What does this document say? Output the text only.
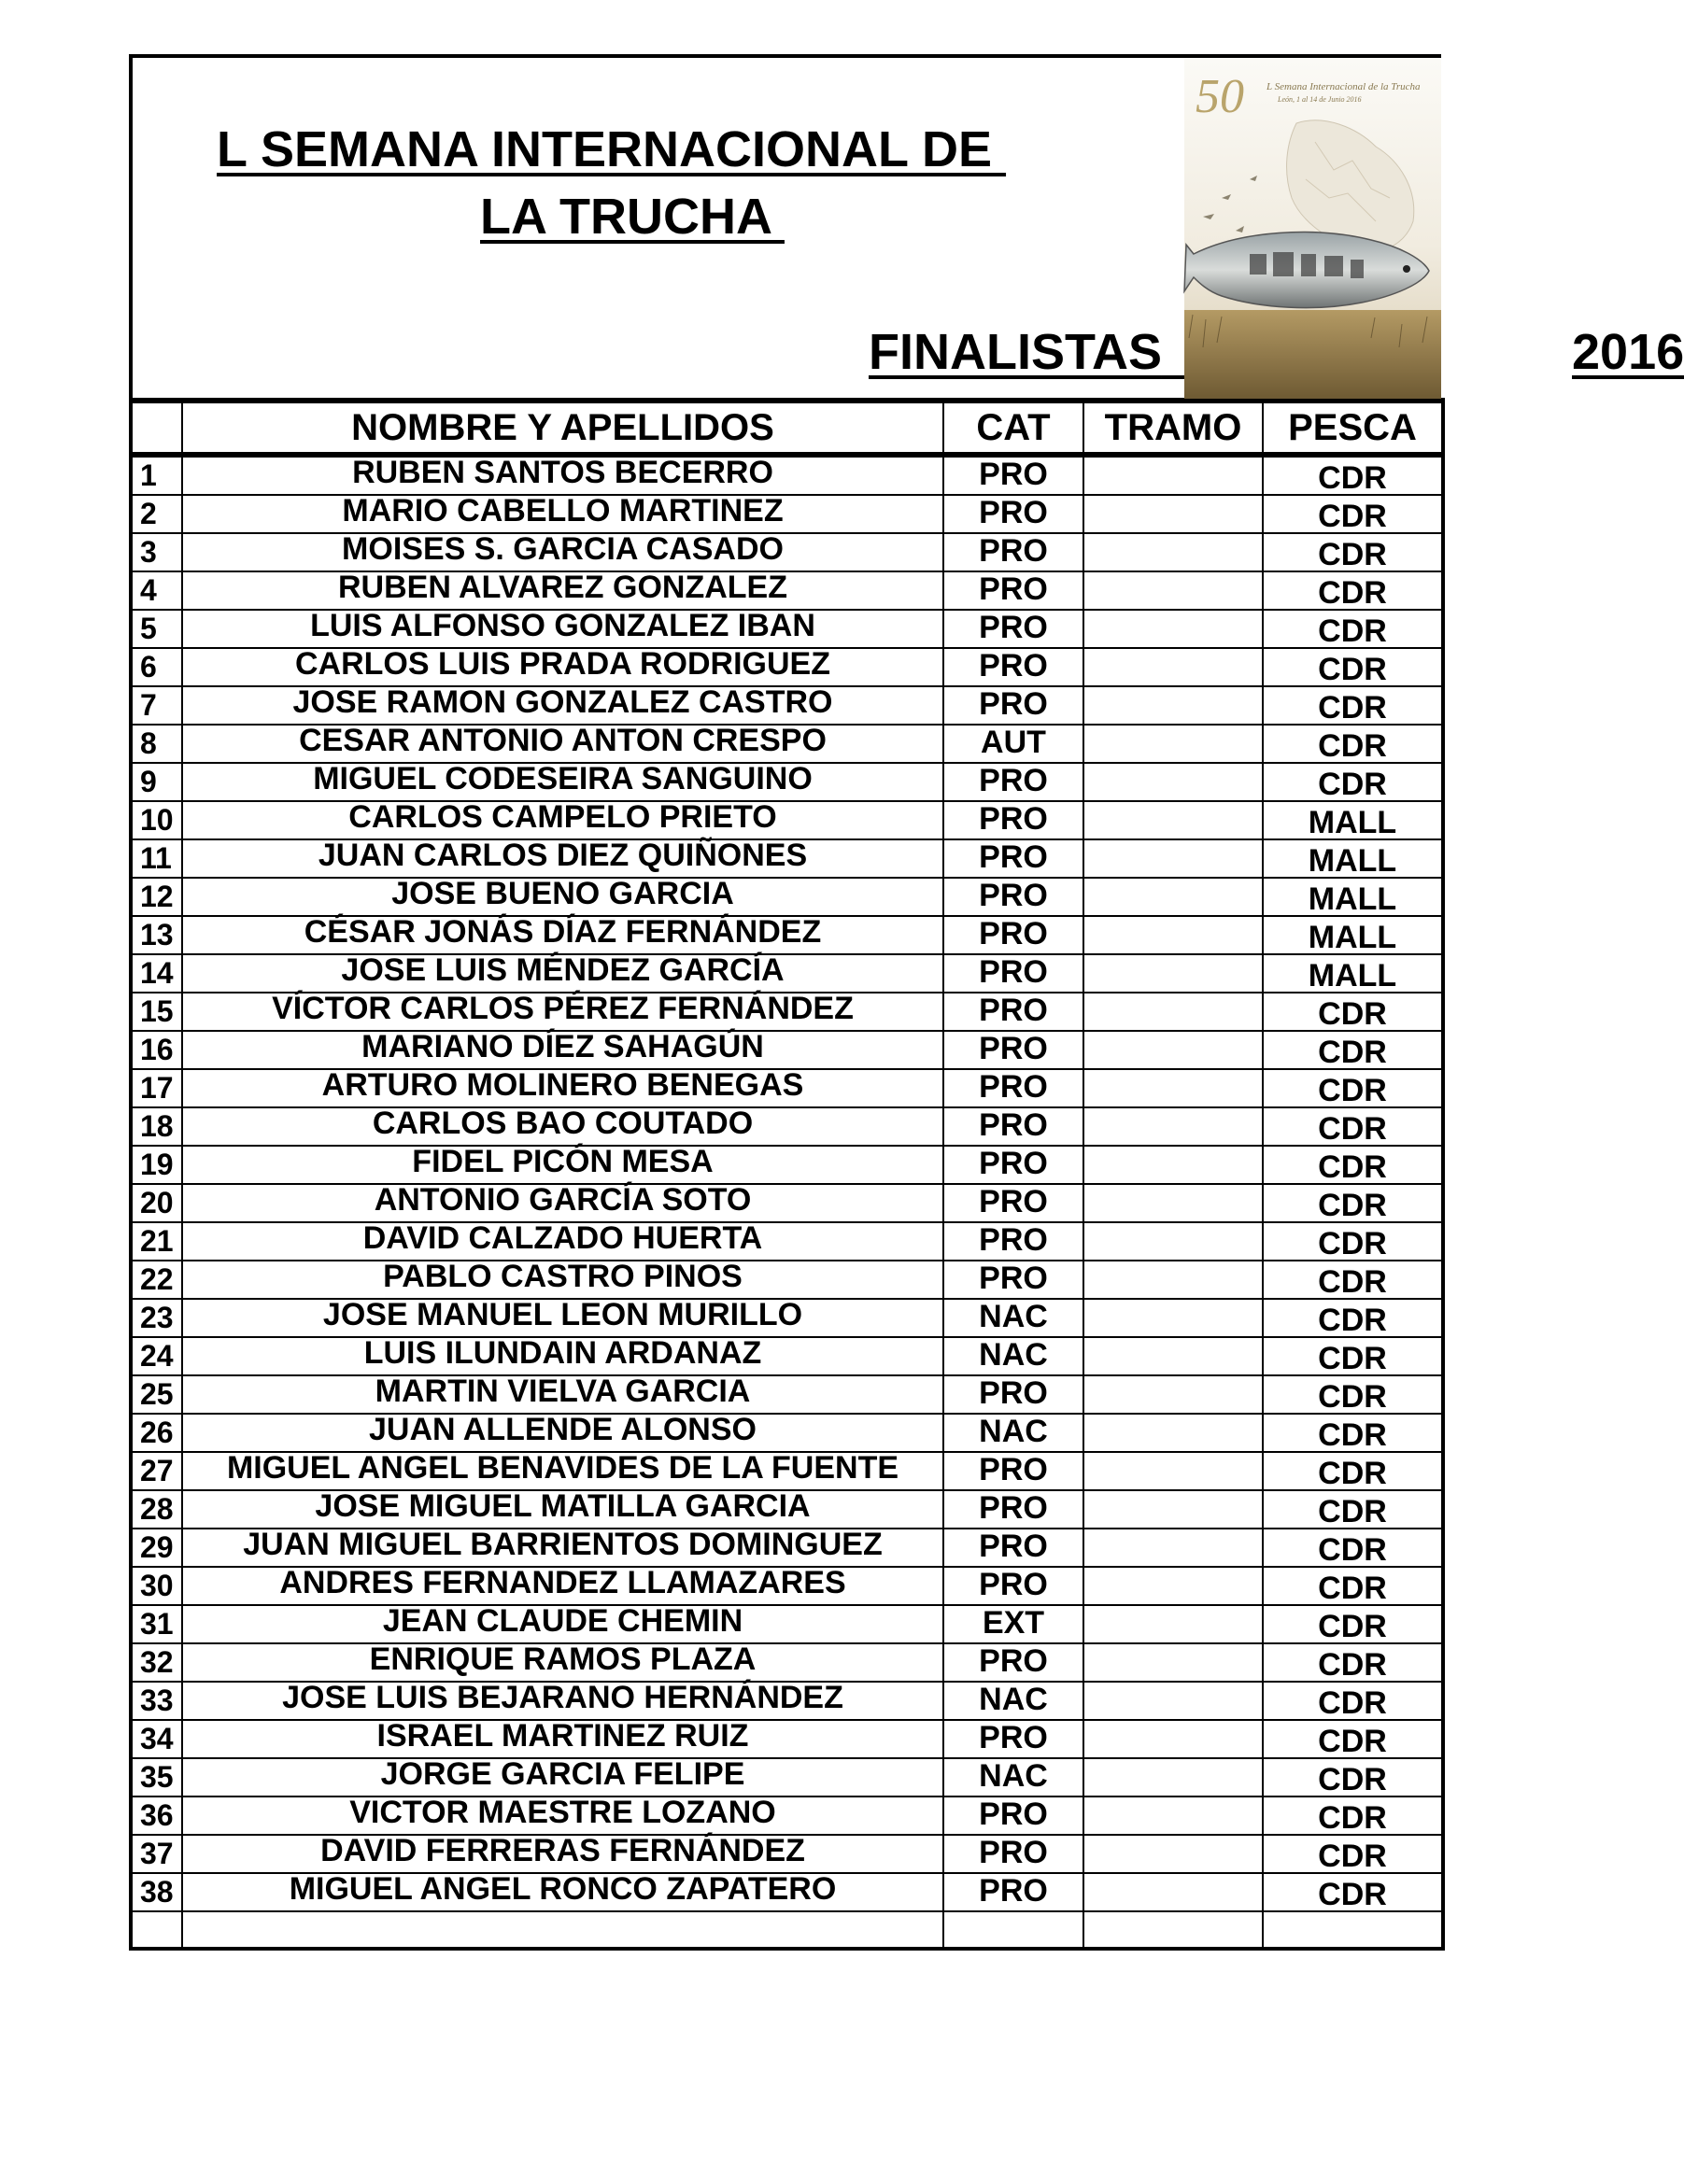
L SEMANA INTERNACIONAL DE
LA TRUCHA
FINALISTAS	2016
50 L Semana Internacional de la Trucha
León, 1 al 14 de Junio 2016
	NOMBRE Y APELLIDOS	CAT	TRAMO	PESCA
1	RUBEN SANTOS BECERRO	PRO		CDR
2	MARIO CABELLO MARTINEZ	PRO		CDR
3	MOISES S. GARCIA CASADO	PRO		CDR
4	RUBEN ALVAREZ GONZALEZ	PRO		CDR
5	LUIS ALFONSO GONZALEZ IBAN	PRO		CDR
6	CARLOS LUIS PRADA RODRIGUEZ	PRO		CDR
7	JOSE RAMON GONZALEZ CASTRO	PRO		CDR
8	CESAR ANTONIO ANTON CRESPO	AUT		CDR
9	MIGUEL CODESEIRA SANGUINO	PRO		CDR
10	CARLOS CAMPELO PRIETO	PRO		MALL
11	JUAN CARLOS DIEZ QUIÑONES	PRO		MALL
12	JOSE BUENO GARCIA	PRO		MALL
13	CÉSAR JONÁS DÍAZ FERNÁNDEZ	PRO		MALL
14	JOSE LUIS MÉNDEZ GARCÍA	PRO		MALL
15	VÍCTOR CARLOS PÉREZ FERNÁNDEZ	PRO		CDR
16	MARIANO DÍEZ SAHAGÚN	PRO		CDR
17	ARTURO MOLINERO BENEGAS	PRO		CDR
18	CARLOS BAO COUTADO	PRO		CDR
19	FIDEL PICÓN MESA	PRO		CDR
20	ANTONIO GARCÍA SOTO	PRO		CDR
21	DAVID CALZADO HUERTA	PRO		CDR
22	PABLO CASTRO PINOS	PRO		CDR
23	JOSE MANUEL LEON MURILLO	NAC		CDR
24	LUIS ILUNDAIN ARDANAZ	NAC		CDR
25	MARTIN VIELVA GARCIA	PRO		CDR
26	JUAN ALLENDE ALONSO	NAC		CDR
27	MIGUEL ANGEL BENAVIDES DE LA FUENTE	PRO		CDR
28	JOSE MIGUEL MATILLA GARCIA	PRO		CDR
29	JUAN MIGUEL BARRIENTOS DOMINGUEZ	PRO		CDR
30	ANDRES FERNANDEZ LLAMAZARES	PRO		CDR
31	JEAN CLAUDE CHEMIN	EXT		CDR
32	ENRIQUE RAMOS PLAZA	PRO		CDR
33	JOSE LUIS BEJARANO HERNÁNDEZ	NAC		CDR
34	ISRAEL MARTINEZ RUIZ	PRO		CDR
35	JORGE GARCIA FELIPE	NAC		CDR
36	VICTOR MAESTRE LOZANO	PRO		CDR
37	DAVID FERRERAS FERNÁNDEZ	PRO		CDR
38	MIGUEL ANGEL RONCO ZAPATERO	PRO		CDR
